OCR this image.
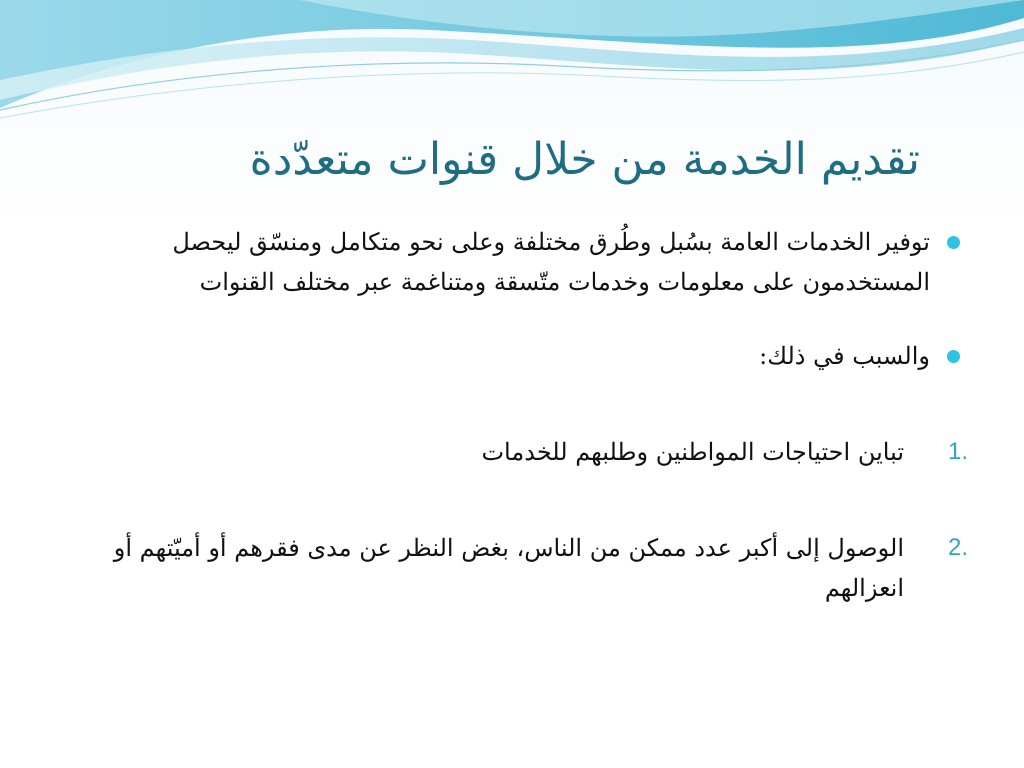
تقديم الخدمة من خلال قنوات متعدّدة
توفير الخدمات العامة بسُبل وطُرق مختلفة وعلى نحو متكامل ومنسّق ليحصل المستخدمون على معلومات وخدمات متّسقة ومتناغمة عبر مختلف القنوات
والسبب في ذلك:
1.
تباين احتياجات المواطنين وطلبهم للخدمات
2.
الوصول إلى أكبر عدد ممكن من الناس، بغض النظر عن مدى فقرهم أو أميّتهم أو انعزالهم
